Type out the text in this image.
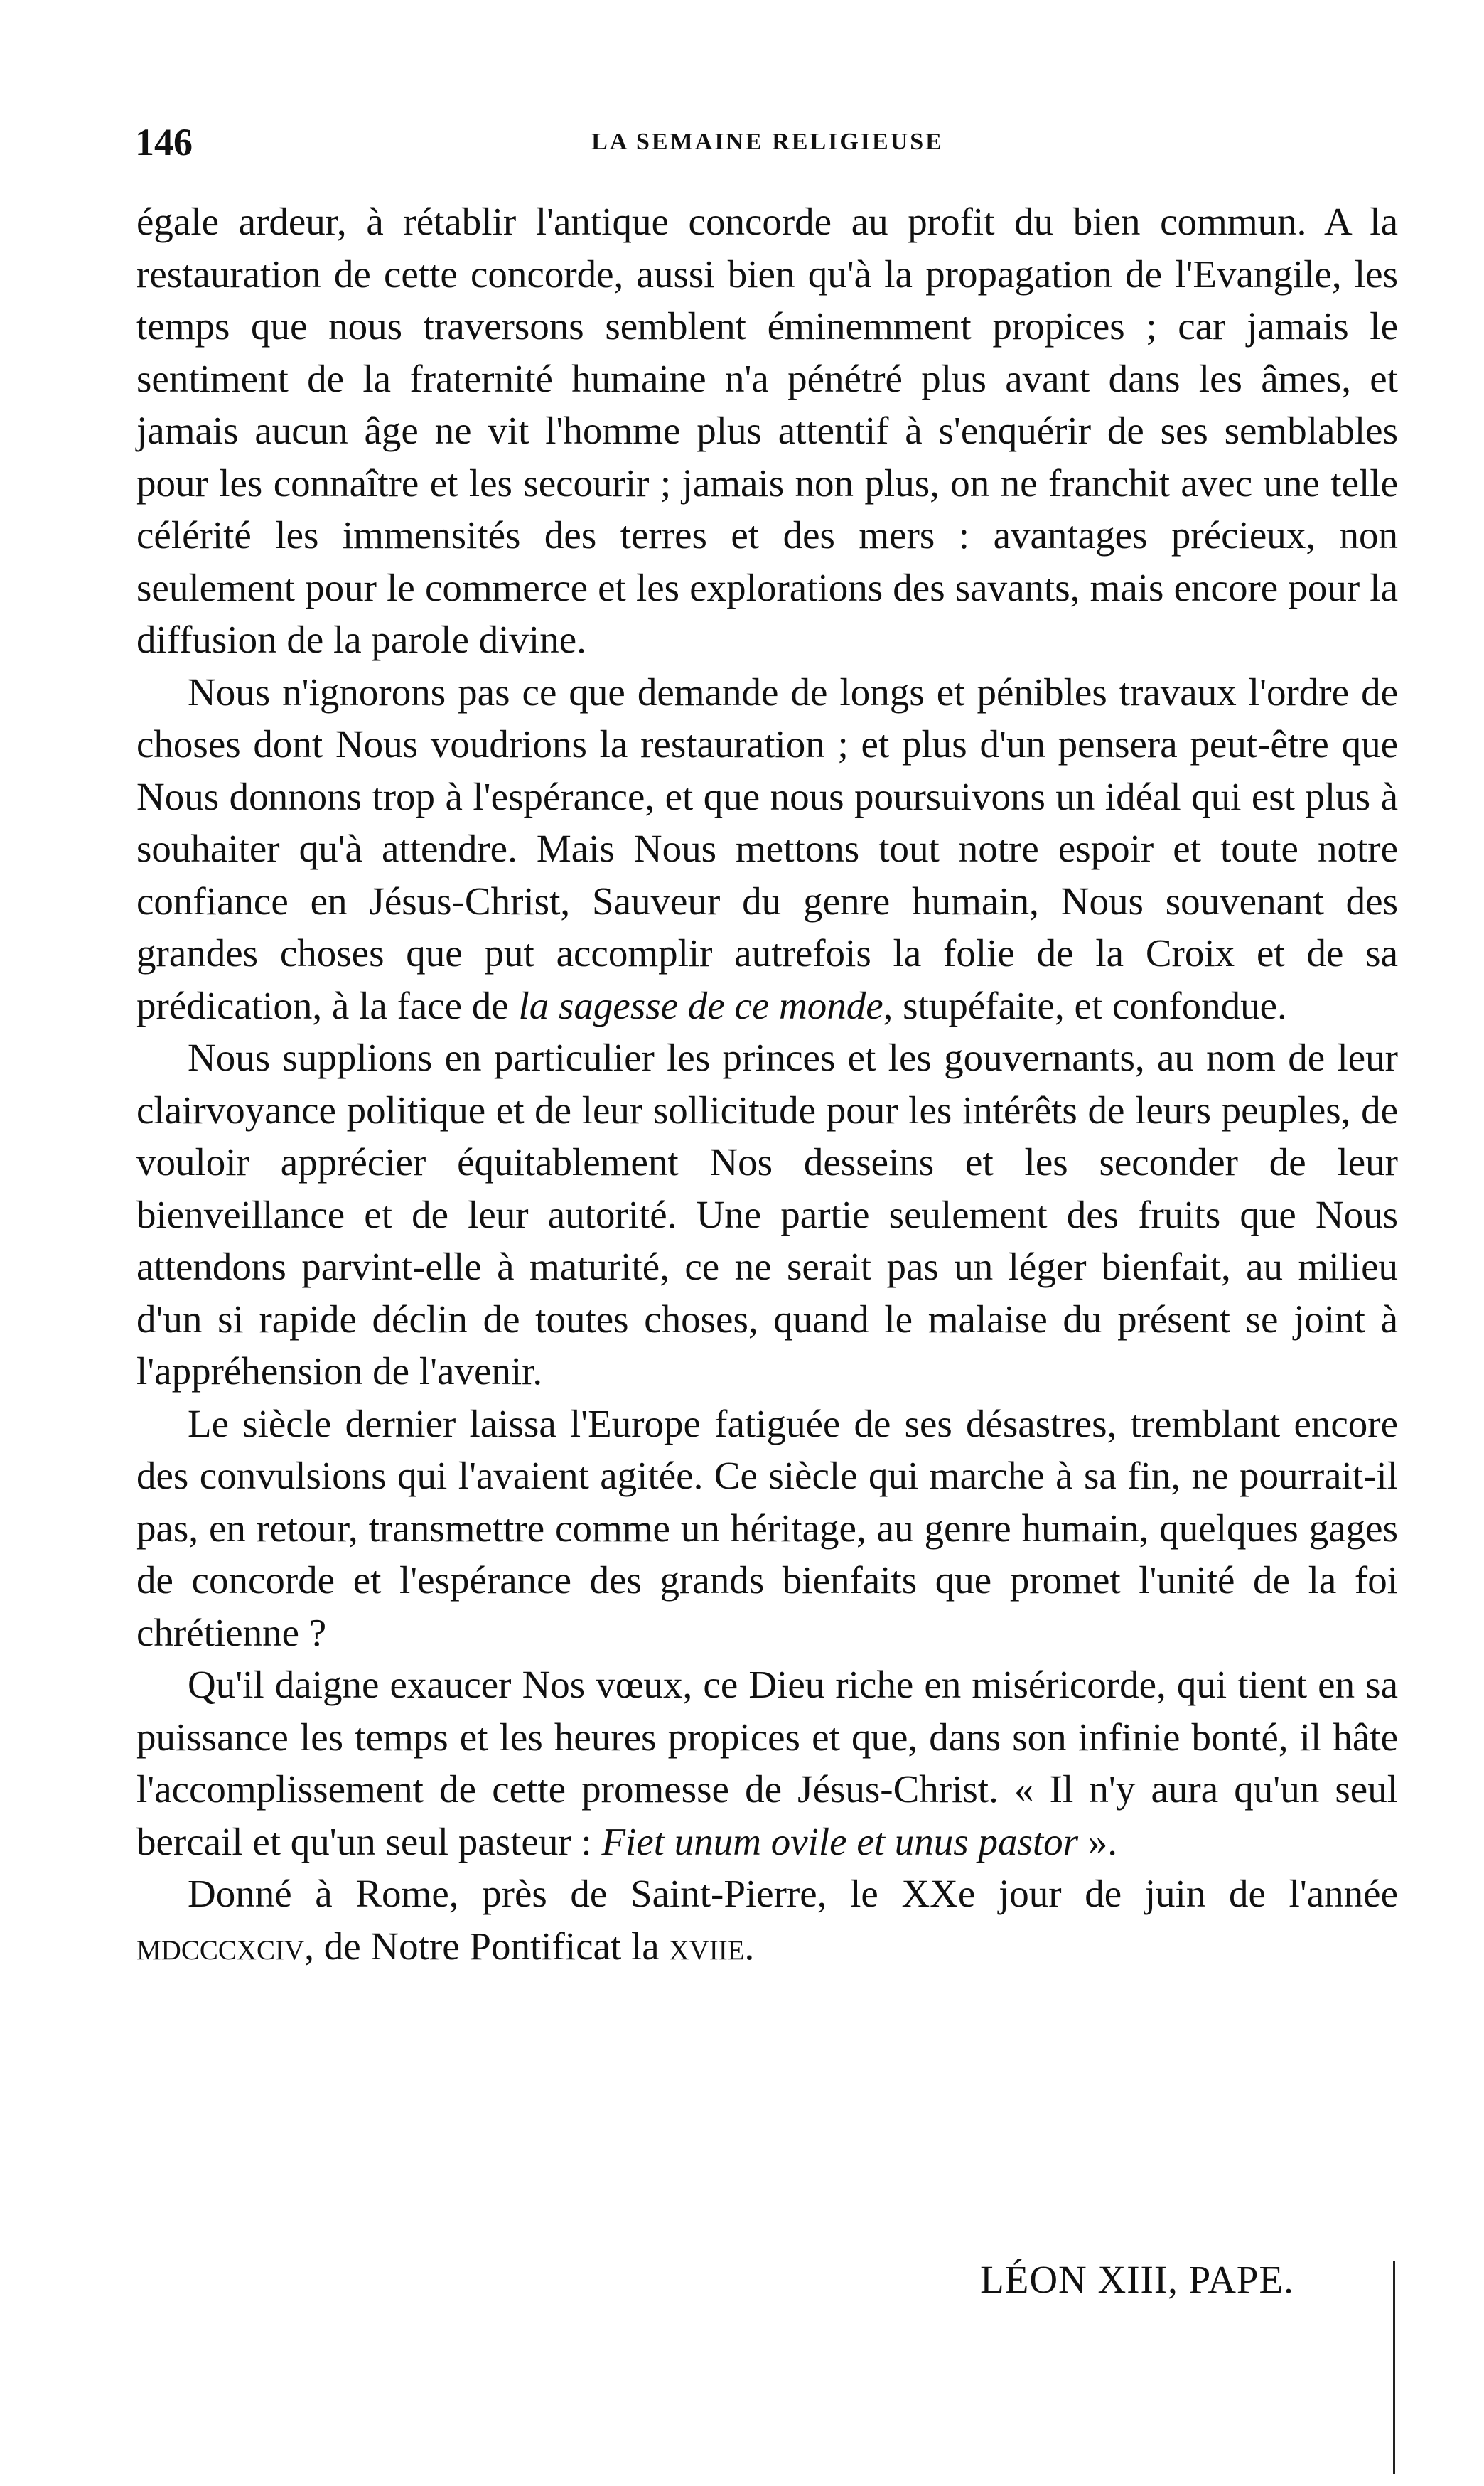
146	LA SEMAINE RELIGIEUSE

égale ardeur, à rétablir l'antique concorde au profit du bien commun. A la restauration de cette concorde, aussi bien qu'à la propagation de l'Evangile, les temps que nous traversons semblent éminemment propices ; car jamais le sentiment de la fraternité humaine n'a pénétré plus avant dans les âmes, et jamais aucun âge ne vit l'homme plus attentif à s'enquérir de ses semblables pour les connaître et les secourir ; jamais non plus, on ne franchit avec une telle célérité les immensités des terres et des mers : avantages précieux, non seulement pour le commerce et les explorations des savants, mais encore pour la diffusion de la parole divine.

Nous n'ignorons pas ce que demande de longs et pénibles travaux l'ordre de choses dont Nous voudrions la restauration ; et plus d'un pensera peut-être que Nous donnons trop à l'espérance, et que nous poursuivons un idéal qui est plus à souhaiter qu'à attendre. Mais Nous mettons tout notre espoir et toute notre confiance en Jésus-Christ, Sauveur du genre humain, Nous souvenant des grandes choses que put accomplir autrefois la folie de la Croix et de sa prédication, à la face de la sagesse de ce monde, stupéfaite, et confondue.

Nous supplions en particulier les princes et les gouvernants, au nom de leur clairvoyance politique et de leur sollicitude pour les intérêts de leurs peuples, de vouloir apprécier équitablement Nos desseins et les seconder de leur bienveillance et de leur autorité. Une partie seulement des fruits que Nous attendons parvint-elle à maturité, ce ne serait pas un léger bienfait, au milieu d'un si rapide déclin de toutes choses, quand le malaise du présent se joint à l'appréhension de l'avenir.

Le siècle dernier laissa l'Europe fatiguée de ses désastres, tremblant encore des convulsions qui l'avaient agitée. Ce siècle qui marche à sa fin, ne pourrait-il pas, en retour, transmettre comme un héritage, au genre humain, quelques gages de concorde et l'espérance des grands bienfaits que promet l'unité de la foi chrétienne ?

Qu'il daigne exaucer Nos vœux, ce Dieu riche en miséricorde, qui tient en sa puissance les temps et les heures propices et que, dans son infinie bonté, il hâte l'accomplissement de cette promesse de Jésus-Christ. « Il n'y aura qu'un seul bercail et qu'un seul pasteur : Fiet unum ovile et unus pastor ».

Donné à Rome, près de Saint-Pierre, le XXe jour de juin de l'année mdcccxciv, de Notre Pontificat la xviie.

LÉON XIII, PAPE.
